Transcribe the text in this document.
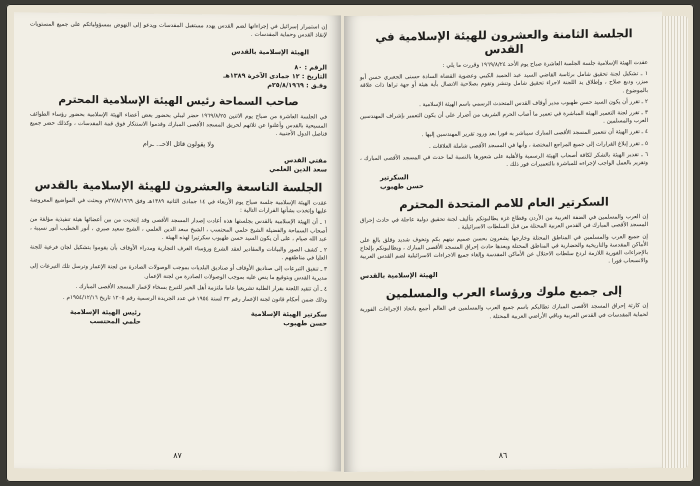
إن استمرار إسرائيل في إجراءاتها لضم القدس يهدد مستقبل المقدسات ويدعو إلى النهوض بمسؤولياتكم على جميع المستويات لإنقاذ القدس وحماية المقدسات .

الهيئة الإسلامية بالقدس

الرقم : ٨٠

التاريخ : ١٢ جمادى الآخرة ١٣٨٩هـ

وفـق : ٢٥/٨/١٩٦٩م

صاحب السماحة رئيس الهيئة الإسلامية المحترم

في الجلسة العاشرة من صباح يوم الاثنين ١٩٦٩/٨/٢٥ حضر ليبلي بحضور بعض أعضاء الهيئة الإسلامية بحضور رؤساء الطوائف المسيحية بالقدس وأعلنوا عن ثلاثهم لحريق المسجد الأقصى المبارك وقدموا الاستنكار فوق قمة المقدسات ، وكذلك حضر جميع قناصل الدول الأجنبية .

ولا يقولون قائل الاحـ.. ـرام

مفتي القدس

سعد الدين العلمي

الجلسة التاسعة والعشرون للهيئة الإسلامية بالقدس

عقدت الهيئة الإسلامية جلسة صباح يوم الأربعاء في ١٤ جمادى الثانية ١٣٨٩هـ وفق ٢٧/٨/١٩٦٩م وبحثت في المواضيع المعروضة عليها وإتخذت بشأنها القرارات التالية :

١ ـ أن الهيئة الإسلامية بالقدس بجلستها هذه أعادت إصدار المسجد الأقصى وقد إنتخبت من بين أعضائها هيئة تنفيذية مؤلفة من أصحاب السماحة والفضيلة الشيخ حلمي المحتسب ، الشيخ سعد الدين العلمي ، الشيخ سعيد صبري ، أنور الخطيب أنور نسيبة ، عبد الله صيام ، على أن يكون السيد حسن طهبوب سكرتيرا لهذه الهيئة .

٢ ـ كشف الصور والبيانات والمقادير لعقد الشرع ورؤساء الغرف التجارية ومدراء الأوقاف بأن يقوموا بتشكيل لجان فرعية للجنة العليا في مناطقهم .

٣ ـ تنفيق التبرعات إلى صناديق الأوقاف أو صناديق البلديات بموجب الوصولات الصادرة من لجنة الإعمار وترسل تلك التبرعات إلى مديرية القدس وبتوقيع ما ينص عليه بموجب الوصولات الصادرة من لجنة الإعمار.

٤ ـ أن تتقيد اللجنة بقرار الطلبة تشريعيا عاما ملتزمة أهل الخير للتبرع بسخاء لإعمار المسجد الأقصى المبارك .

وذلك ضمن أحكام قانون لجنة الإعمار رقم ٣٢ لسنة ١٩٥٤ في عدد الجريدة الرسمية رقم ١٢٠٥ تاريخ ١٩٥٤/١٢/١٦م .

رئيس الهيئة الإسلامية

حلمي المحتسب

سكرتير الهيئة الإسلامية

حسن طهبوب

٨٧
الجلسة الثامنة والعشرون للهيئة الإسلامية في القدس

عقدت الهيئة الإسلامية جلسة الجلسة العاشرة صباح يوم الأحد ١٩٦٩/٨/٢٤ وقررت ما يلي :

١ ـ تشكيل لجنة تحقيق شامل برئاسة القاضي السيد عبد الحميد الكيبي وعضوية القضاة السادة حسنى الجعبري حسن أبو ميزر، وديع صلاح ، وإطلاق يد اللجنة لاجراء تحقيق شامل وتنشر وتقوم بصلاحية الاتصال بأية هيئة أو جهة تراها ذات علاقة بالموضوع .

٢ ـ تقرر أن يكون السيد حسن طهبوب مدير أوقاف القدس المتحدث الرسمي باسم الهيئة الإسلامية .

٣ ـ تقرر لجنة التعمير الهيئة المباشرة في تعمير ما أصاب الحرم الشريف من أضرار على أن يكون التعمير بإشراف المهندسين العرب والمسلمين .

٤ ـ تقرر الهيئة أن تتعمير المسجد الأقصى المبارك سيباشر به فورا بعد ورود تقرير المهندسين إليها .

٥ ـ تقرر إبلاغ القرارات إلى جميع المراجع المختصة ، وأنها في المسجد الأقصى شاملة العلاقات .

٦ ـ تقدير الهيئة بالشكر لكافة أصحاب الهيئة الرسمية والأهلية على شعورها بالنسبة لما حدث في المسجد الأقصى المبارك ، وتقرير بالعمل الواجب لإجراءه للمباشرة بالتعميرات فور ذلك .

السكرتير

حسن طهبوب

السكرتير العام للامم المتحدة المحترم

إن العرب والمسلمين في الضفة الغربية من الأردن وقطاع غزة يطالبونكم بتأليف لجنة تحقيق دولية عاجلة في حادث إحراق المسجد الأقصى المبارك في القدس العربية المحتلة من قبل السلطات الاسرائيلية .

إن جميع العرب والمسلمين في المناطق المحتلة وخارجها يشعرون بحسن صميم نيتهم بكم وتخوف شديد وقلق بالغ على الأماكن المقدسة والتاريخية والحضارية في المناطق المحتلة ويعدها حادث إحراق المسجد الأقصى المبارك ، ويطالبونكم بإلحاح بالإجراءات الفورية اللازمة لردع سلطات الاحتلال عن الأماكن المقدسة وإلغاء جميع الاجراءات الاسرائيلية لضم القدس العربية والانسحاب فورا .

الهيئة الإسلامية بالقدس

إلى جميع ملوك ورؤساء العرب والمسلمين

إن كارثة إحراق المسجد الأقصى المبارك تطالبكم باسم جميع العرب والمسلمين في العالم أجمع باتخاذ الإجراءات الفورية لحماية المقدسات في القدس العربية وباقي الأراضي العربية المحتلة .

٨٦
